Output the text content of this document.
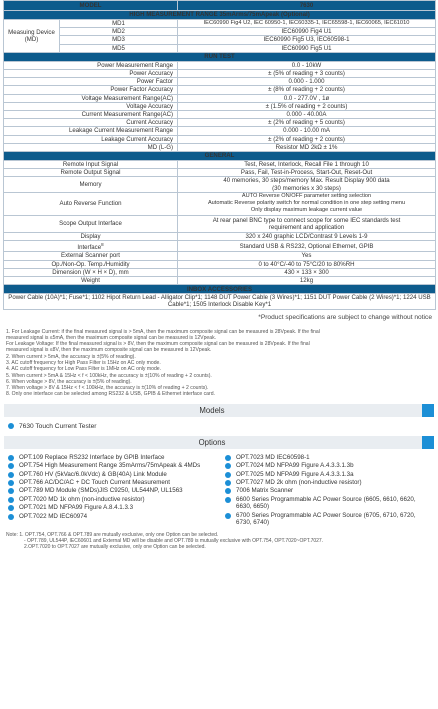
MODEL		7630
HIGH MEASUREMENT RANGE 35mArms/75mApeak (Optional)		
Measuing Device (MD)	MD1	IEC60990 Fig4 U2, IEC 60950-1, IEC60335-1, IEC65598-1, IEC60065, IEC61010
	MD2	IEC60990 Fig4 U1
	MD3	IEC60990 Fig5 U3, IEC60598-1
	MD5	IEC60990 Fig5 U1
RUN TEST		
Power Measurement Range		0.0 - 10kW
Power Accuracy		± (5% of reading + 3 counts)
Power Factor		0.000 - 1.000
Power Factor Accuracy		± (8% of reading + 2 counts)
Voltage Measurement Range(AC)		0.0 - 277.0V , 1ø
Voltage Accuracy		± (1.5% of reading + 2 counts)
Current Measurement Range(AC)		0.000 - 40.00A
Current Accuracy		± (2% of reading + 5 counts)
Leakage Current Measurement Range		0.000 - 10.00 mA
Leakage Current Accuracy		± (2% of reading + 2 counts)
MD (L-G)		Resistor MD 2kΩ ± 1%
GENERAL		
Remote Input Signal		Test, Reset, Interlock, Recall File 1 through 10
Remote Output Signal		Pass, Fail, Test-in-Process, Start-Out, Reset-Out
Memory		40 memories, 30 steps/memory Max. Result Display 900 data
(30 memories x 30 steps)

Auto Reverse Function		AUTO Reverse ON/OFF parameter setting selection
Automatic Reverse polarity switch for normal condition in one step setting menu
Only display maximum leakage current value

Scope Output Interface		At rear panel BNC type to connect scope for some IEC standards test
requirement and application

Display		320 x 240 graphic LCD/Contrast 9 Levels 1-9
Interface$^8$		Standard USB & RS232, Optional Ethernet, GPIB
External Scanner port		Yes
Op./Non-Op. Temp./Humidity		0 to 40°C/-40 to 75°C/20 to 80%RH
Dimension (W × H × D), mm		430 × 133 × 300
Weight		12kg
INBOX ACCESSORIES		
Power Cable (10A)*1; Fuse*1; 1102 Hipot Return Lead - Alligator Clip*1; 1148 DUT Power Cable (3 Wires)*1; 1151 DUT Power Cable (2 Wires)*1; 1224 USB Cable*1; 1505 Interlock Disable Key*1		
*Product specifications are subject to change without notice
1. For Leakage Current: if the final measured signal is > 5mA, then the maximum composite signal can be measured is 28Vpeak. If the final
measured signal is ≤5mA, then the maximum composite signal can be measured is 12Vpeak.
For Leakage Voltage: If the final measured signal is > 8V, then the maximum composite signal can be measured is 28Vpeak. If the final
measured signal is ≤8V, then the maximum composite signal can be measured is 12Vpeak.
2. When current > 5mA, the accuracy is ±(5% of reading).
3. AC cutoff frequency for High Pass Filter is 15Hz on AC only mode.
4. AC cutoff frequency for Low Pass Filter is 1MHz on AC only mode.
5. When current > 5mA & 15Hz < f < 100kHz, the accuracy is ±(10% of reading + 2 counts).
6. When voltage > 8V, the accuracy is ±(5% of reading).
7. When voltage > 8V & 15Hz < f < 100kHz, the accuracy is ±(10% of reading + 2 counts).
8. Only one interface can be selected among RS232 & USB, GPIB & Ethernet interface card.
Models
7630 Touch Current Tester
Options
OPT.109 Replace RS232 Interface by GPIB Interface
OPT.754 High Measurement Range 35mArms/75mApeak & 4MDs
OPT.760 HV (5kVac/6.0kVdc) & GB(40A) Link Module
OPT.766 AC/DC/AC + DC Touch Current Measurement
OPT.789 MD Module (SMDs)JIS C9250, UL544NP, UL1563
OPT.7020 MD 1k ohm (non-inductive resistor)
OPT.7021 MD NFPA99 Figure A.8.4.1.3.3
OPT.7022 MD IEC60974
OPT.7023 MD IEC60598-1
OPT.7024 MD NFPA99 Figure A.4.3.3.1.3b
OPT.7025 MD NFPA99 Figure A.4.3.3.1.3a
OPT.7027 MD 2k ohm (non-inductive resistor)
7006 Matrix Scanner
6600 Series Programmable AC Power Source (6605, 6610, 6620, 6630, 6650)
6700 Series Programmable AC Power Source (6705, 6710, 6720, 6730, 6740)
Note: 1. OPT.754, OPT.766 & OPT.789 are mutually exclusive, only one Option can be selected.
- OPT.789, UL544P, IEC60601 and External MD will be disable and OPT.789 is mutually exclusive with OPT.754, OPT.7020~OPT.7027.
2.OPT.7020 to OPT.7027 are mutually exclusive, only one Option can be selected.
